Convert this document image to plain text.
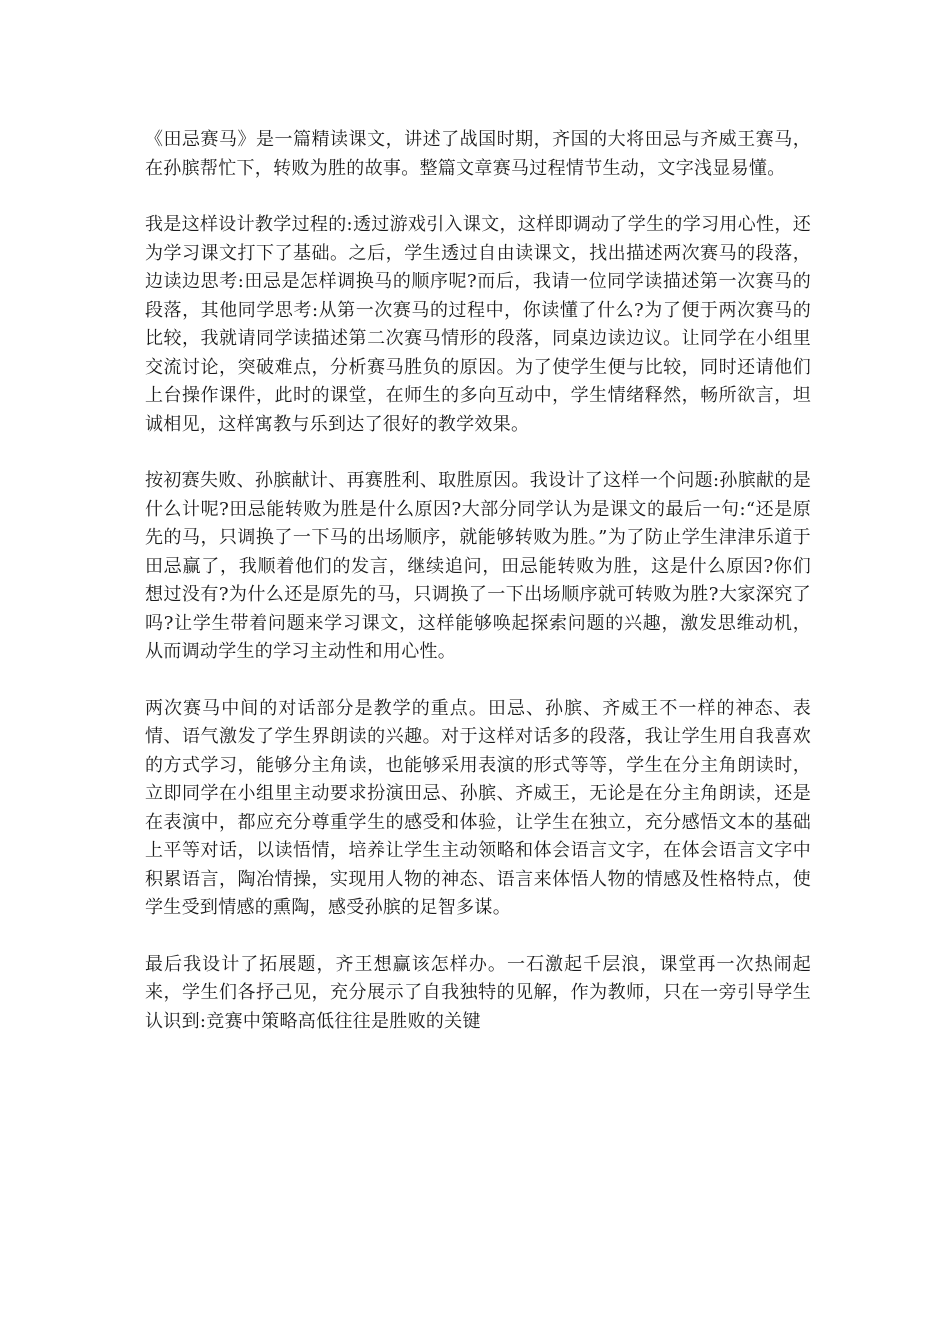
《田忌赛马》是一篇精读课文，讲述了战国时期，齐国的大将田忌与齐威王赛马，在孙膑帮忙下，转败为胜的故事。整篇文章赛马过程情节生动，文字浅显易懂。

我是这样设计教学过程的:透过游戏引入课文，这样即调动了学生的学习用心性，还为学习课文打下了基础。之后，学生透过自由读课文，找出描述两次赛马的段落，边读边思考:田忌是怎样调换马的顺序呢?而后，我请一位同学读描述第一次赛马的段落，其他同学思考:从第一次赛马的过程中，你读懂了什么?为了便于两次赛马的比较，我就请同学读描述第二次赛马情形的段落，同桌边读边议。让同学在小组里交流讨论，突破难点，分析赛马胜负的原因。为了使学生便与比较，同时还请他们上台操作课件，此时的课堂，在师生的多向互动中，学生情绪释然，畅所欲言，坦诚相见，这样寓教与乐到达了很好的教学效果。

按初赛失败、孙膑献计、再赛胜利、取胜原因。我设计了这样一个问题:孙膑献的是什么计呢?田忌能转败为胜是什么原因?大部分同学认为是课文的最后一句:“还是原先的马，只调换了一下马的出场顺序，就能够转败为胜。”为了防止学生津津乐道于田忌赢了，我顺着他们的发言，继续追问，田忌能转败为胜，这是什么原因?你们想过没有?为什么还是原先的马，只调换了一下出场顺序就可转败为胜?大家深究了吗?让学生带着问题来学习课文，这样能够唤起探索问题的兴趣，激发思维动机，从而调动学生的学习主动性和用心性。

两次赛马中间的对话部分是教学的重点。田忌、孙膑、齐威王不一样的神态、表情、语气激发了学生界朗读的兴趣。对于这样对话多的段落，我让学生用自我喜欢的方式学习，能够分主角读，也能够采用表演的形式等等，学生在分主角朗读时，立即同学在小组里主动要求扮演田忌、孙膑、齐威王，无论是在分主角朗读，还是在表演中，都应充分尊重学生的感受和体验，让学生在独立，充分感悟文本的基础上平等对话，以读悟情，培养让学生主动领略和体会语言文字，在体会语言文字中积累语言，陶冶情操，实现用人物的神态、语言来体悟人物的情感及性格特点，使学生受到情感的熏陶，感受孙膑的足智多谋。

最后我设计了拓展题，齐王想赢该怎样办。一石激起千层浪，课堂再一次热闹起来，学生们各抒己见，充分展示了自我独特的见解，作为教师，只在一旁引导学生认识到:竞赛中策略高低往往是胜败的关键
